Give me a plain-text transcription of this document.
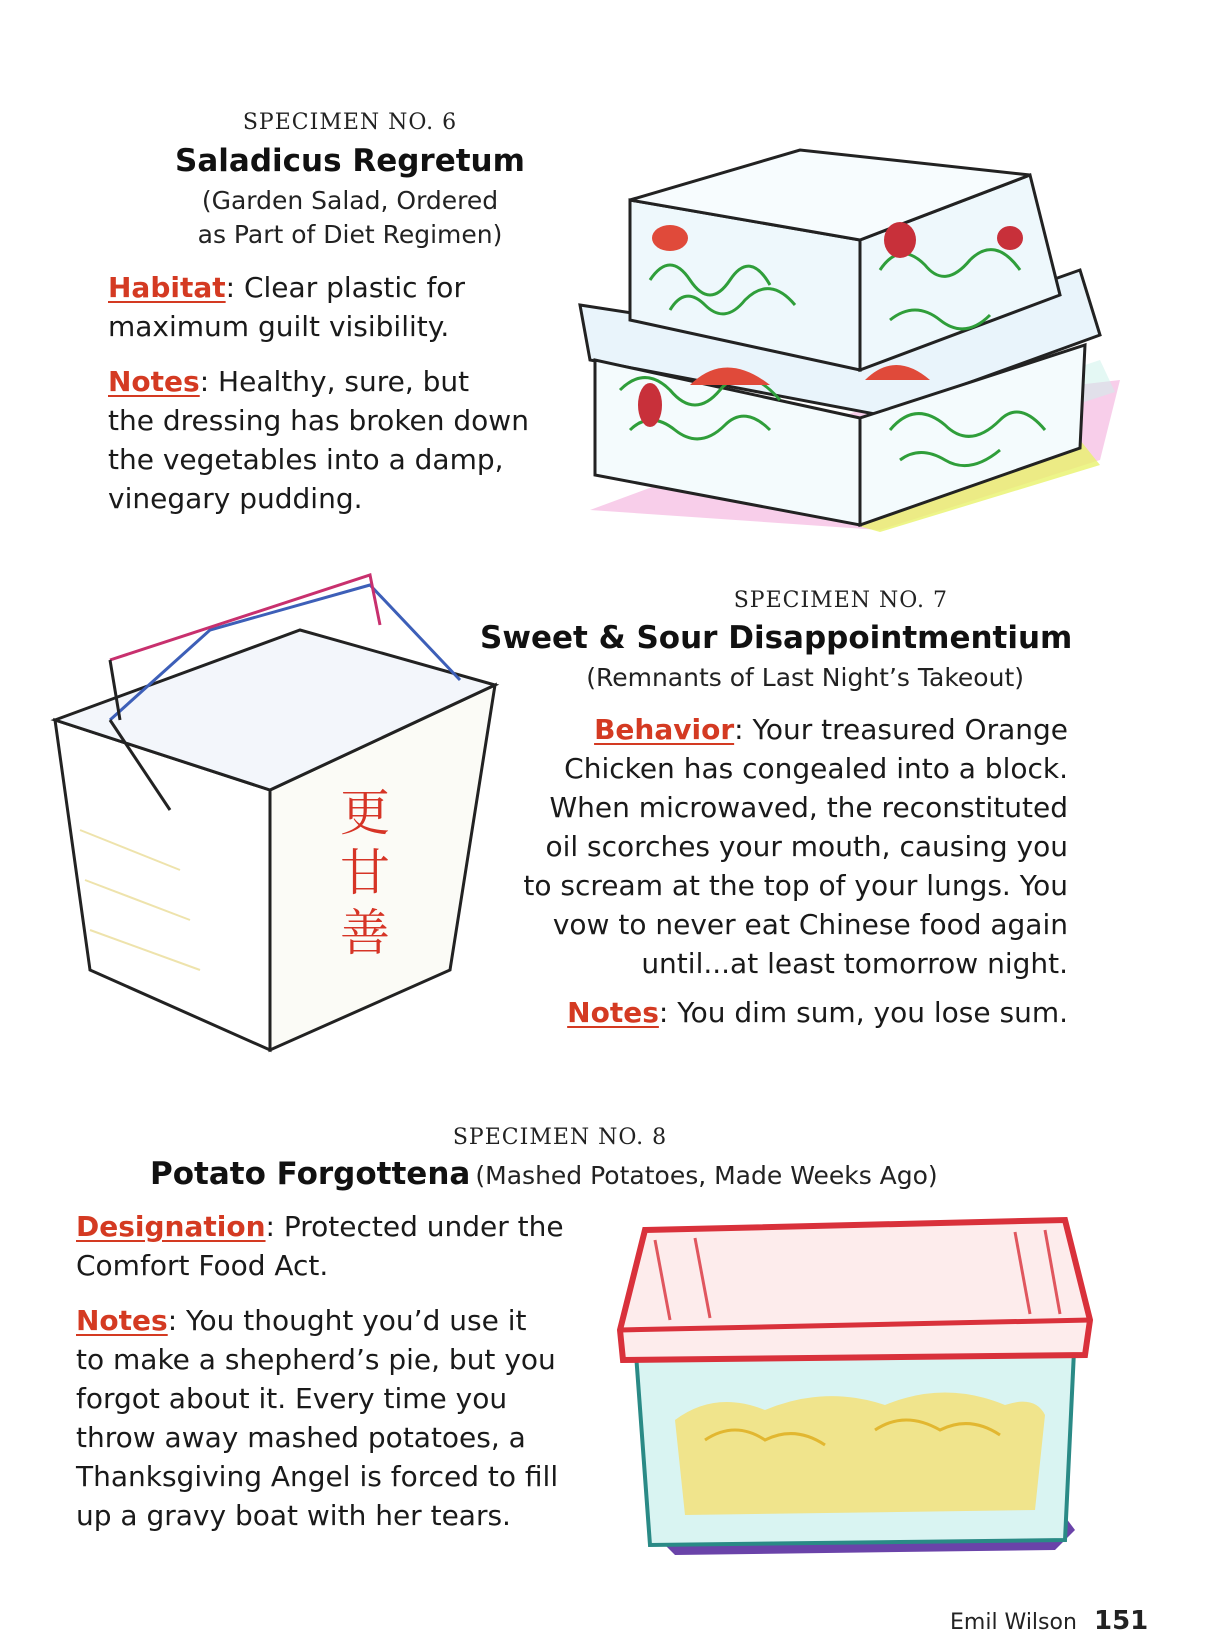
SPECIMEN NO. 6
Saladicus Regretum
(Garden Salad, Ordered
as Part of Diet Regimen)
Habitat: Clear plastic for
maximum guilt visibility.
Notes: Healthy, sure, but
the dressing has broken down
the vegetables into a damp,
vinegary pudding.
SPECIMEN NO. 7
Sweet & Sour Disappointmentium
(Remnants of Last Night’s Takeout)
Behavior: Your treasured Orange
Chicken has congealed into a block.
When microwaved, the reconstituted
oil scorches your mouth, causing you
to scream at the top of your lungs. You
vow to never eat Chinese food again
until...at least tomorrow night.
Notes: You dim sum, you lose sum.
更
甘
善
SPECIMEN NO. 8
Potato Forgottena (Mashed Potatoes, Made Weeks Ago)
Designation: Protected under the
Comfort Food Act.
Notes: You thought you’d use it
to make a shepherd’s pie, but you
forgot about it. Every time you
throw away mashed potatoes, a
Thanksgiving Angel is forced to fill
up a gravy boat with her tears.
Emil Wilson 151
